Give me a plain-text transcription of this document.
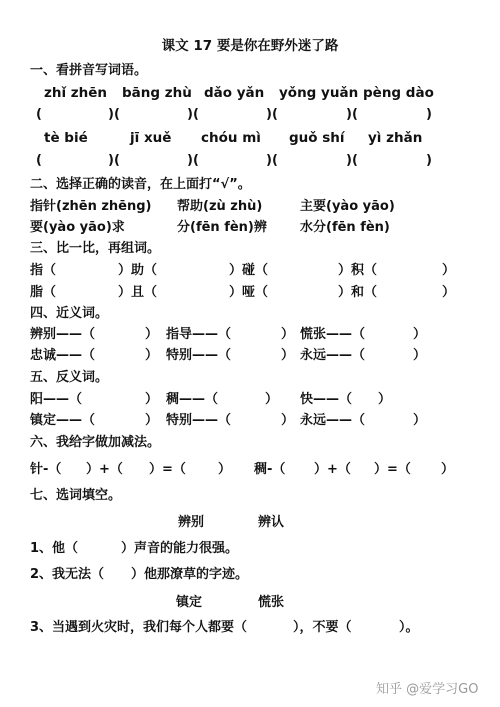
课文 17 要是你在野外迷了路
一、看拼音写词语。
zhǐ zhēn bāng zhù dǎo yǎn yǒng yuǎn pèng dào
(	)(	)(	)(	)(	)
tè bié	jī xuě chóu mì guǒ shí yì zhǎn
(	)(	)(	)(	)(	)
二、选择正确的读音，在上面打“√”。
指针(zhēn zhēng) 帮助(zù zhù)	主要(yào yāo)
要(yào yāo)求	分(fēn fèn)辨	水分(fēn fèn)
三、比一比，再组词。
指（	）助（	）碰（	）积（	）
脂（	）且（	）哑（	）和（	）
四、近义词。
辨别——（	） 指导——（	） 慌张——（	）
忠诚——（	） 特别——（	） 永远——（	）
五、反义词。
阳——（	） 稠——（	） 快——（ ）
镇定——（	） 特别——（	） 永远——（	）
六、我给字做加减法。
针-（ ）+（ ）=（ ） 稠-（ ）+（ ）=（ ）
七、选词填空。
辨别	辨认
1、他（	）声音的能力很强。
2、我无法（ ）他那潦草的字迹。
镇定	慌张
3、当遇到火灾时，我们每个人都要（	），不要（	）。
知乎 @爱学习GO
